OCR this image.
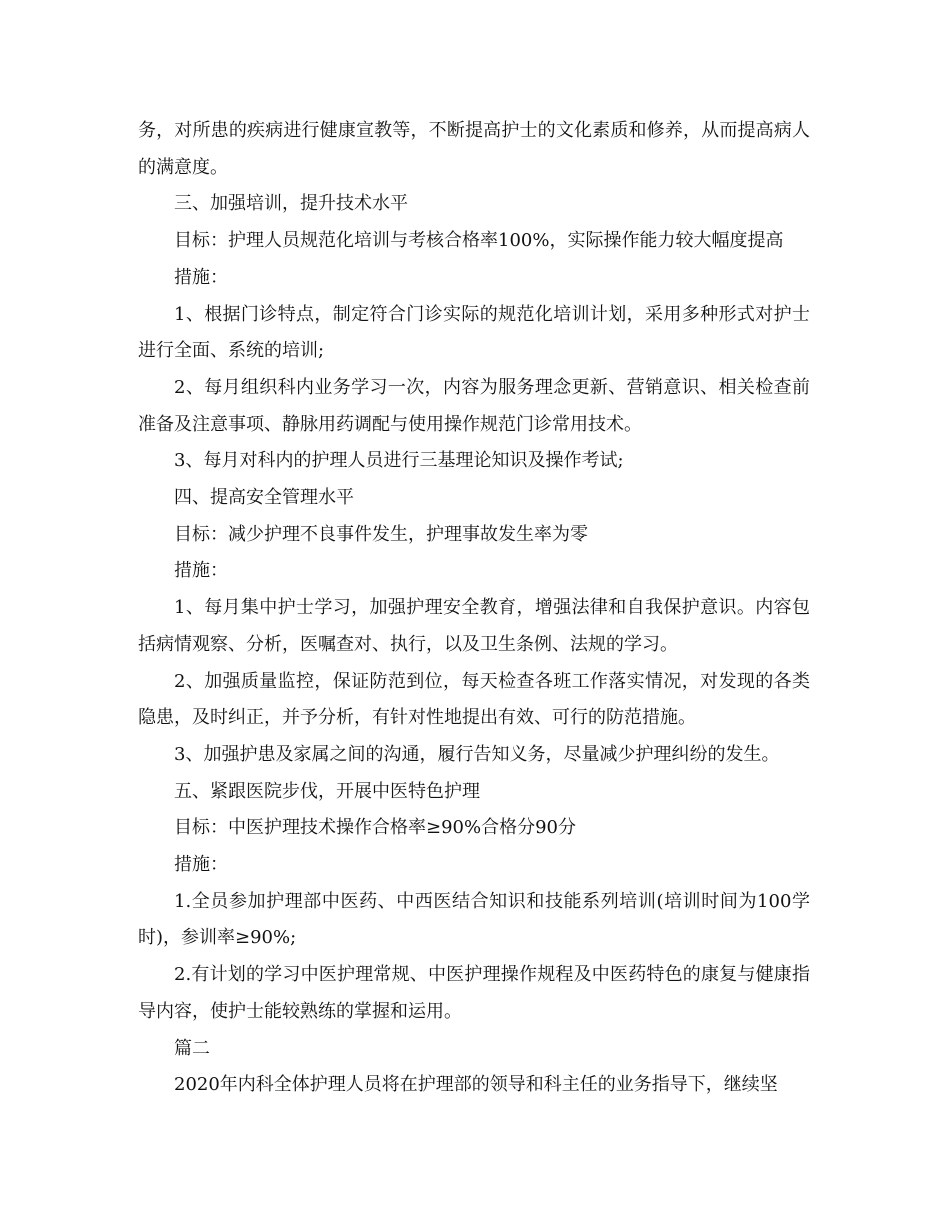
务，对所患的疾病进行健康宣教等，不断提高护士的文化素质和修养，从而提高病人的满意度。

三、加强培训，提升技术水平

目标：护理人员规范化培训与考核合格率100%，实际操作能力较大幅度提高

措施：

1、根据门诊特点，制定符合门诊实际的规范化培训计划，采用多种形式对护士进行全面、系统的培训;

2、每月组织科内业务学习一次，内容为服务理念更新、营销意识、相关检查前准备及注意事项、静脉用药调配与使用操作规范门诊常用技术。

3、每月对科内的护理人员进行三基理论知识及操作考试;

四、提高安全管理水平

目标：减少护理不良事件发生，护理事故发生率为零

措施：

1、每月集中护士学习，加强护理安全教育，增强法律和自我保护意识。内容包括病情观察、分析，医嘱查对、执行，以及卫生条例、法规的学习。

2、加强质量监控，保证防范到位，每天检查各班工作落实情况，对发现的各类隐患，及时纠正，并予分析，有针对性地提出有效、可行的防范措施。

3、加强护患及家属之间的沟通，履行告知义务，尽量减少护理纠纷的发生。

五、紧跟医院步伐，开展中医特色护理

目标：中医护理技术操作合格率≥90%合格分90分

措施：

1.全员参加护理部中医药、中西医结合知识和技能系列培训(培训时间为100学时)，参训率≥90%;

2.有计划的学习中医护理常规、中医护理操作规程及中医药特色的康复与健康指导内容，使护士能较熟练的掌握和运用。

篇二

2020年内科全体护理人员将在护理部的领导和科主任的业务指导下，继续坚
